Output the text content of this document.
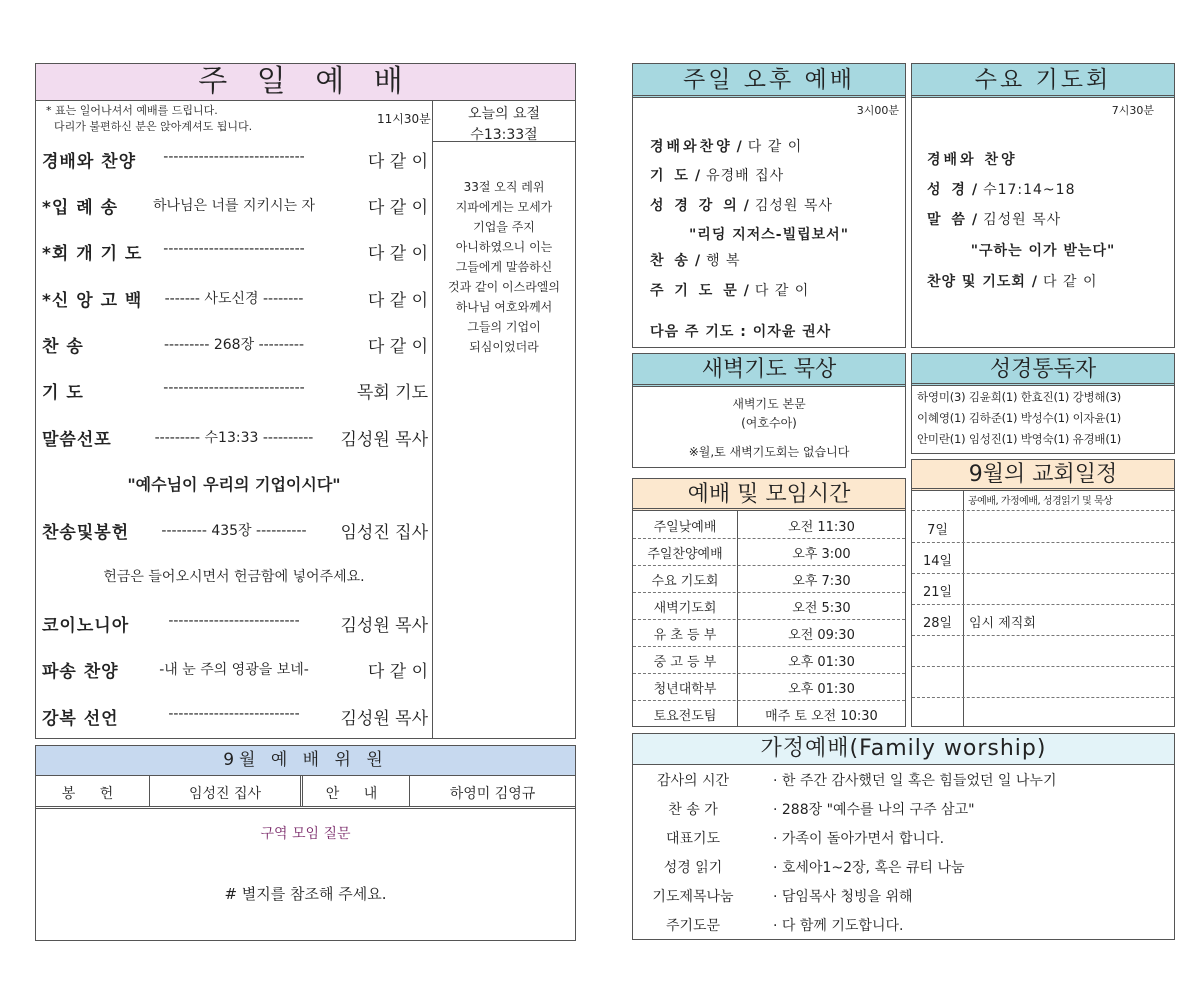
주 일 예 배
* 표는 일어나셔서 예배를 드립니다.
다리가 불편하신 분은 앉아계셔도 됩니다.
11시30분	오늘의 요절
수13:33절
33절 오직 레위
지파에게는 모세가
기업을 주지
아니하였으니 이는
그들에게 말씀하신
것과 같이 이스라엘의
하나님 여호와께서
그들의 기업이
되심이었더라
경배와 찬양	----------------------------	다 같 이
*입 례 송	하나님은 너를 지키시는 자	다 같 이
*회 개 기 도	----------------------------	다 같 이
*신 앙 고 백	------- 사도신경 --------	다 같 이
찬 송	--------- 268장 ---------	다 같 이
기 도	----------------------------	목회 기도
말씀선포	--------- 수13:33 ----------	김성원 목사
"예수님이 우리의 기업이시다"
찬송및봉헌	--------- 435장 ----------	임성진 집사
헌금은 들어오시면서 헌금함에 넣어주세요.
코이노니아	--------------------------	김성원 목사
파송 찬양	-내 눈 주의 영광을 보네-	다 같 이
강복 선언	--------------------------	김성원 목사
9월 예 배 위 원
봉 헌	임성진 집사	안 내	하영미 김영규
구역 모임 질문
# 별지를 참조해 주세요.
주일 오후 예배
3시00분
경배와찬양 / 다 같 이
기 도 / 유경배 집사
성 경 강 의 / 김성원 목사
"리딩 지저스-빌립보서"
찬 송 / 행 복
주 기 도 문 / 다 같 이
다음 주 기도 : 이자윤 권사
수요 기도회
7시30분
경배와 찬양
성 경 / 수17:14~18
말 씀 / 김성원 목사
"구하는 이가 받는다"
찬양 및 기도회 / 다 같 이
새벽기도 묵상
새벽기도 본문
(여호수아)
※월,토 새벽기도회는 없습니다
성경통독자
하영미(3) 김윤희(1) 한효진(1) 강병해(3)
이혜영(1) 김하준(1) 박성수(1) 이자윤(1)
안미란(1) 임성진(1) 박영숙(1) 유경배(1)
예배 및 모임시간
주일낮예배	오전 11:30
주일찬양예배	오후 3:00
수요 기도회	오후 7:30
새벽기도회	오전 5:30
유 초 등 부	오전 09:30
중 고 등 부	오후 01:30
청년대학부	오후 01:30
토요전도팀	매주 토 오전 10:30
9월의 교회일정
공예배, 가정예배, 성경읽기 및 묵상
7일
14일
21일
28일	임시 제직회
가정예배(Family worship)
감사의 시간	· 한 주간 감사했던 일 혹은 힘들었던 일 나누기
찬 송 가	· 288장 "예수를 나의 구주 삼고"
대표기도	· 가족이 돌아가면서 합니다.
성경 읽기	· 호세아1~2장, 혹은 큐티 나눔
기도제목나눔	· 담임목사 청빙을 위해
주기도문	· 다 함께 기도합니다.
